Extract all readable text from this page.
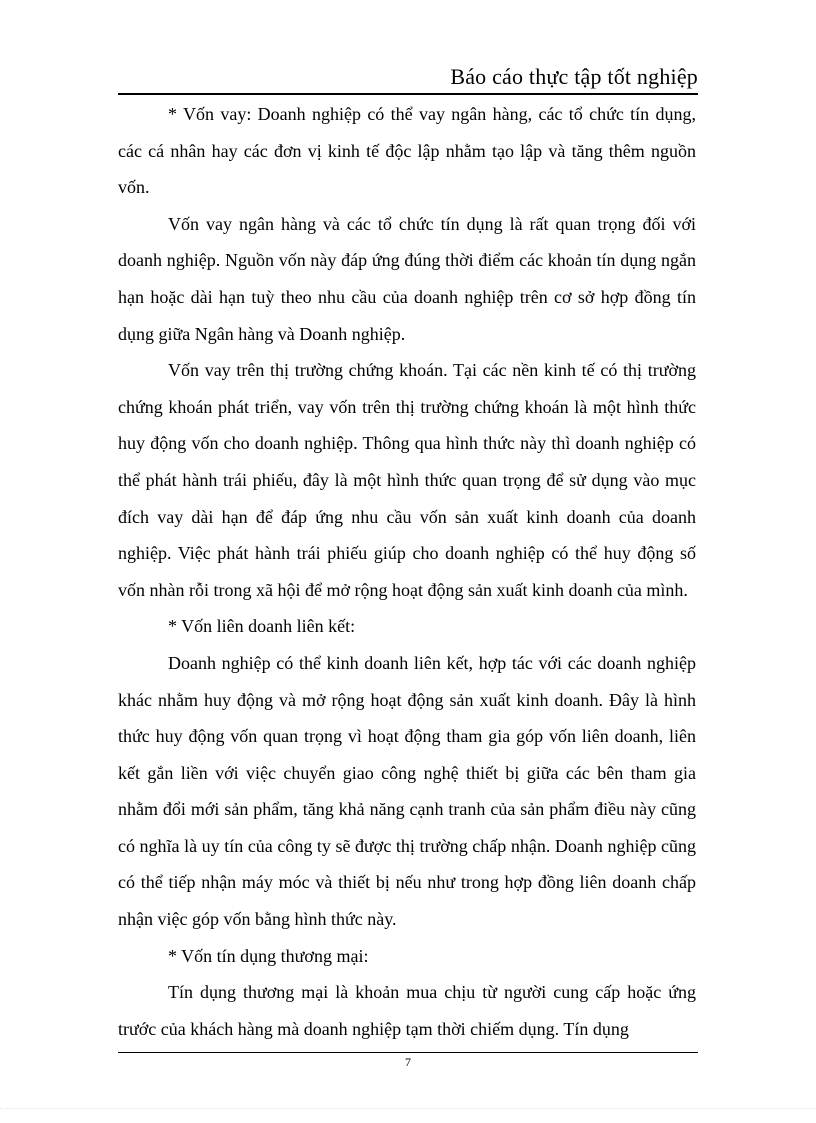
Báo cáo thực tập tốt nghiệp

* Vốn vay: Doanh nghiệp có thể vay ngân hàng, các tổ chức tín dụng, các cá nhân hay các đơn vị kinh tế độc lập nhằm tạo lập và tăng thêm nguồn vốn.

Vốn vay ngân hàng và các tổ chức tín dụng là rất quan trọng đối với doanh nghiệp. Nguồn vốn này đáp ứng đúng thời điểm các khoản tín dụng ngắn hạn hoặc dài hạn tuỳ theo nhu cầu của doanh nghiệp trên cơ sở hợp đồng tín dụng giữa Ngân hàng và Doanh nghiệp.

Vốn vay trên thị trường chứng khoán. Tại các nền kinh tế có thị trường chứng khoán phát triển, vay vốn trên thị trường chứng khoán là một hình thức huy động vốn cho doanh nghiệp. Thông qua hình thức này thì doanh nghiệp có thể phát hành trái phiếu, đây là một hình thức quan trọng để sử dụng vào mục đích vay dài hạn để đáp ứng nhu cầu vốn sản xuất kinh doanh của doanh nghiệp. Việc phát hành trái phiếu giúp cho doanh nghiệp có thể huy động số vốn nhàn rỗi trong xã hội để mở rộng hoạt động sản xuất kinh doanh của mình.

* Vốn liên doanh liên kết:

Doanh nghiệp có thể kinh doanh liên kết, hợp tác với các doanh nghiệp khác nhằm huy động và mở rộng hoạt động sản xuất kinh doanh. Đây là hình thức huy động vốn quan trọng vì hoạt động tham gia góp vốn liên doanh, liên kết gắn liền với việc chuyển giao công nghệ thiết bị giữa các bên tham gia nhằm đổi mới sản phẩm, tăng khả năng cạnh tranh của sản phẩm điều này cũng có nghĩa là uy tín của công ty sẽ được thị trường chấp nhận. Doanh nghiệp cũng có thể tiếp nhận máy móc và thiết bị nếu như trong hợp đồng liên doanh chấp nhận việc góp vốn bằng hình thức này.

* Vốn tín dụng thương mại:

Tín dụng thương mại là khoản mua chịu từ người cung cấp hoặc ứng trước của khách hàng mà doanh nghiệp tạm thời chiếm dụng. Tín dụng

7
